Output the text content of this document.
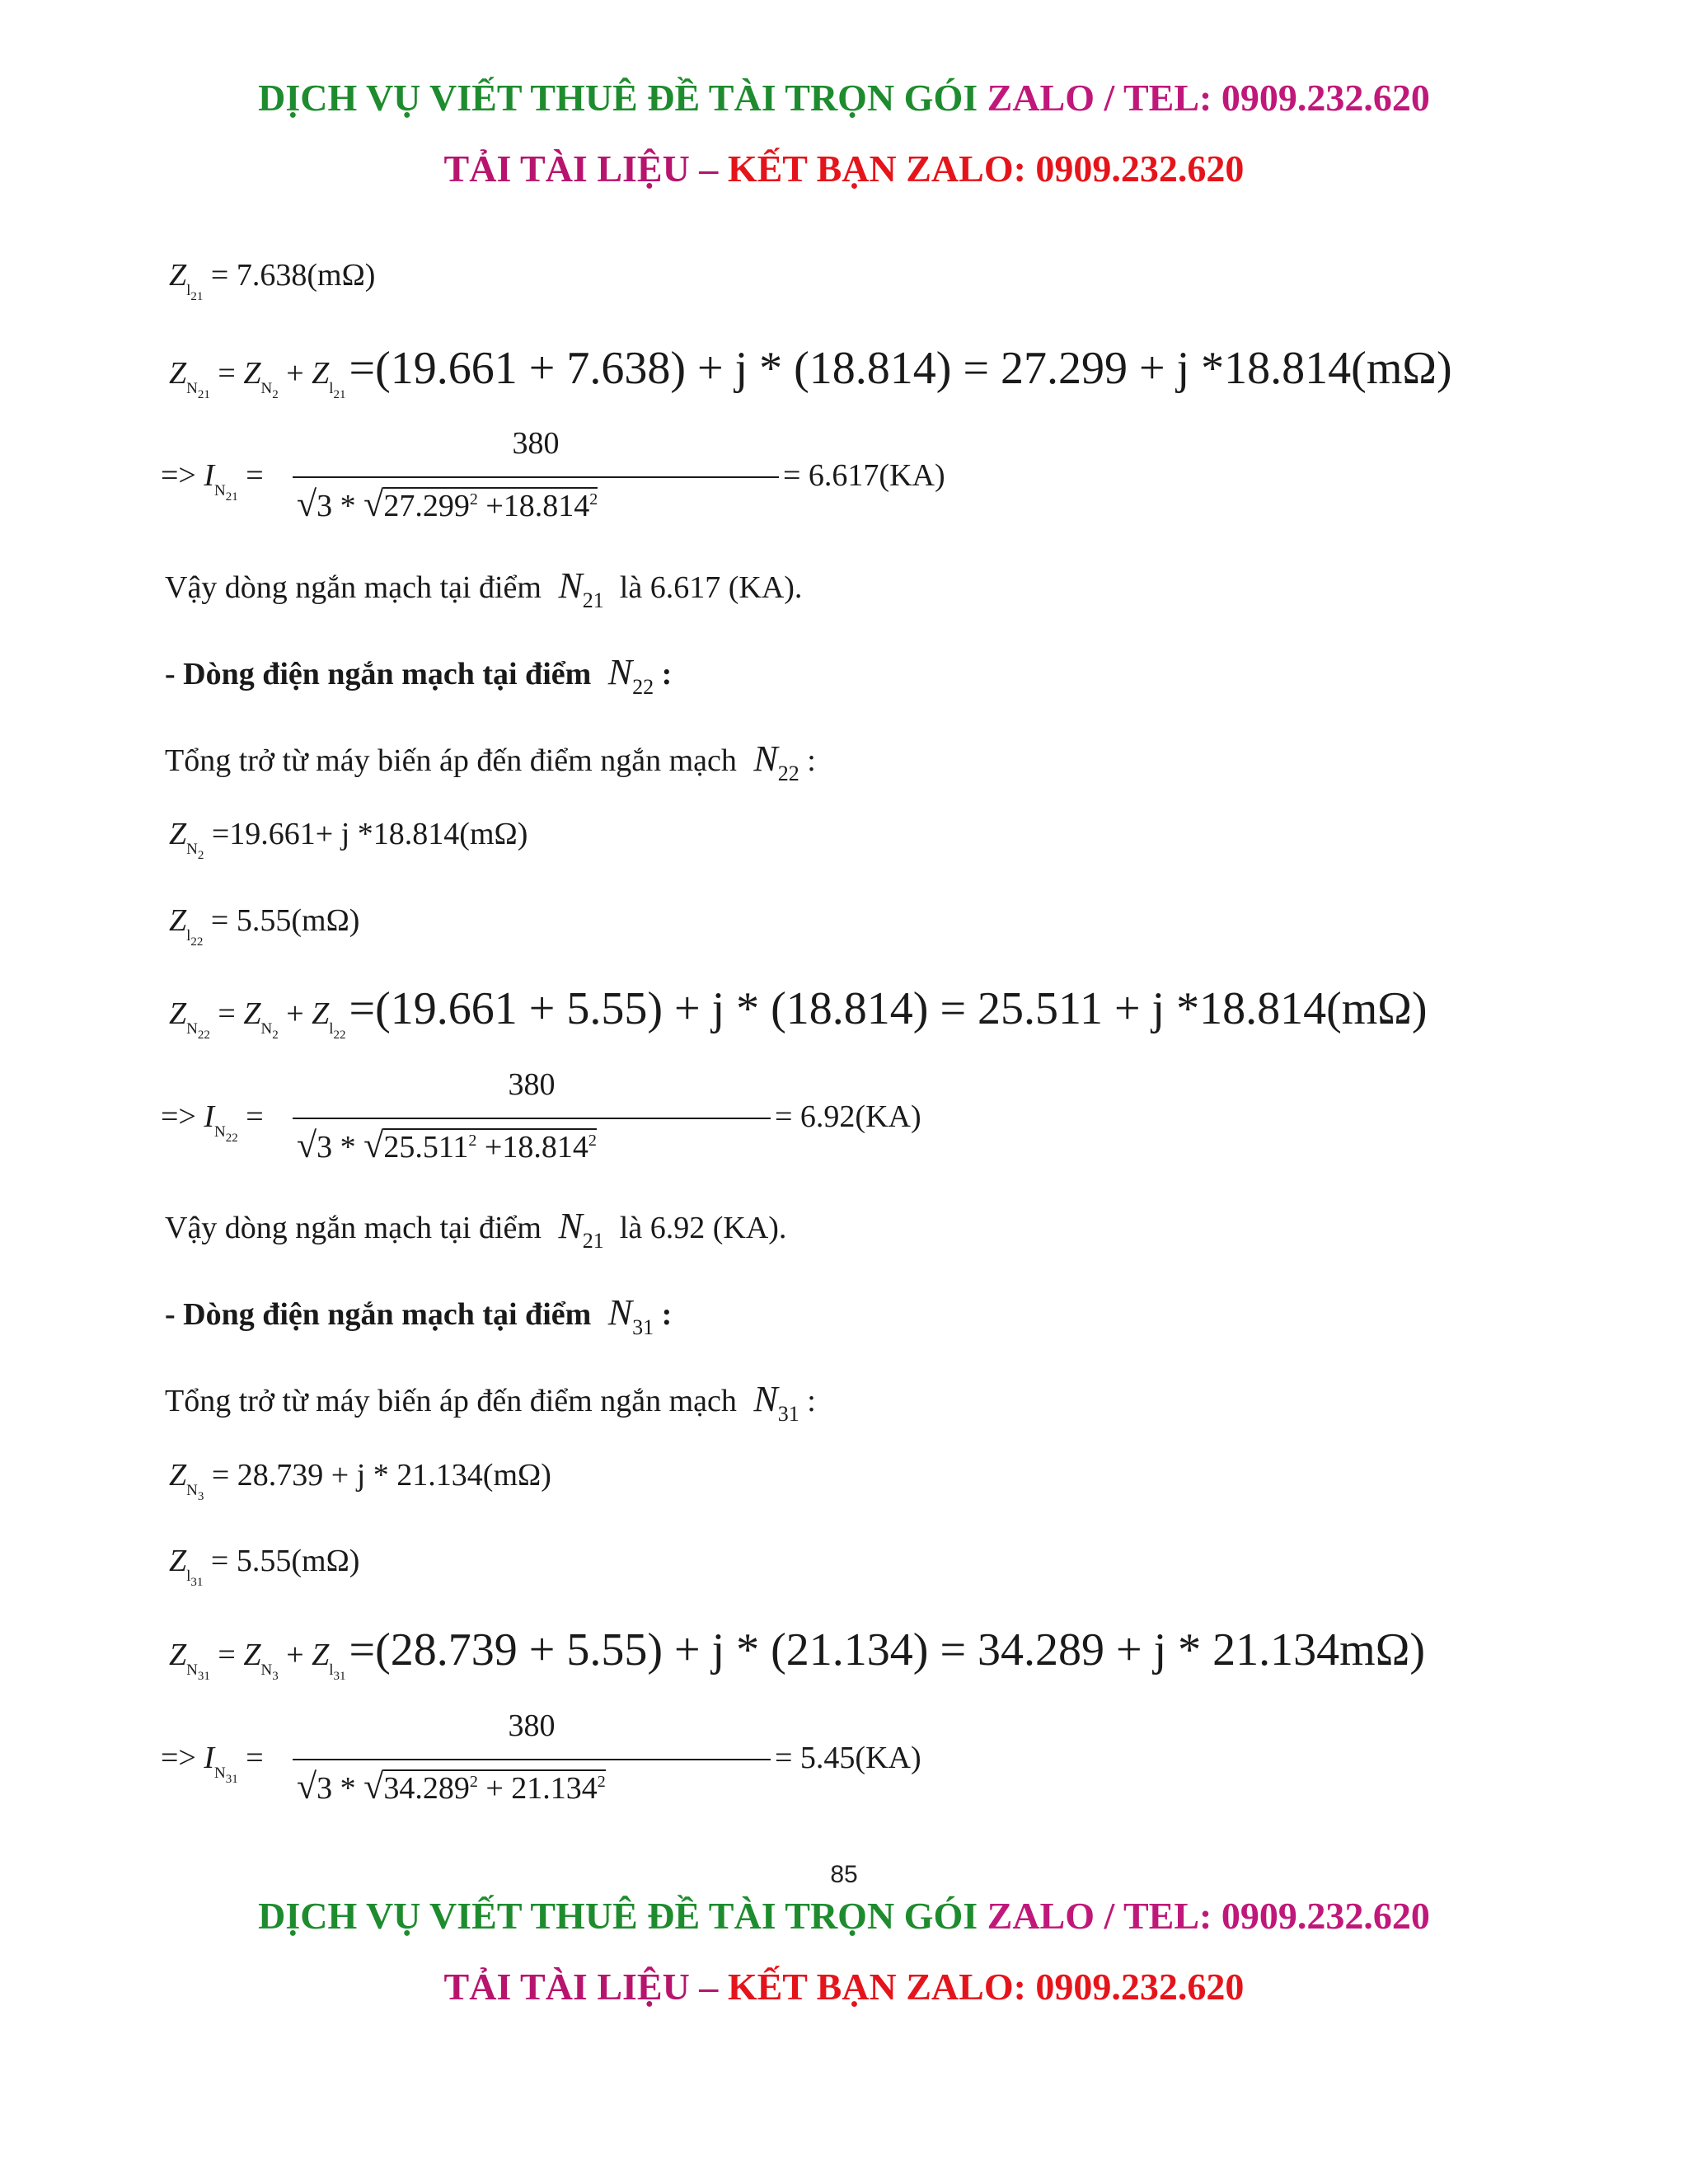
DỊCH VỤ VIẾT THUÊ ĐỀ TÀI TRỌN GÓI ZALO / TEL: 0909.232.620
TẢI TÀI LIỆU – KẾT BẠN ZALO: 0909.232.620
$Z_{l_{21}} = 7.638(m\Omega)$
$Z_{N_{21}} = Z_{N_2} + Z_{l_{21}} =(19.661 + 7.638) + j * (18.814) = 27.299 + j$ *18.814(mΩ)
=> $I_{N_{21}}$ =
380
$√3 * √27.299^2 +18.814^2$
= 6.617(KA)
Vậy dòng ngắn mạch tại điểm  $N_{21}$ là 6.617 (KA).
- Dòng điện ngắn mạch tại điểm  $N_{22}$ :
Tổng trở từ máy biến áp đến điểm ngắn mạch  $N_{22}$ :
$Z_{N_2} =19.661+ j$ *18.814(mΩ)
$Z_{l_{22}} = 5.55(m\Omega)$
$Z_{N_{22}} = Z_{N_2} + Z_{l_{22}} =(19.661 + 5.55) + j * (18.814) = 25.511 + j$ *18.814(mΩ)
=> $I_{N_{22}}$ =
380
$√3 * √25.511^2 +18.814^2$
= 6.92(KA)
Vậy dòng ngắn mạch tại điểm  $N_{21}$ là 6.92 (KA).
- Dòng điện ngắn mạch tại điểm  $N_{31}$ :
Tổng trở từ máy biến áp đến điểm ngắn mạch  $N_{31}$ :
$Z_{N_3} = 28.739 + j * 21.134(m\Omega)$
$Z_{l_{31}} = 5.55(m\Omega)$
$Z_{N_{31}} = Z_{N_3} + Z_{l_{31}} =(28.739 + 5.55) + j * (21.134) = 34.289 + j * 21.134m\Omega$)
=> $I_{N_{31}}$ =
380
$√3 * √34.289^2 + 21.134^2$
= 5.45(KA)
85
DỊCH VỤ VIẾT THUÊ ĐỀ TÀI TRỌN GÓI ZALO / TEL: 0909.232.620
TẢI TÀI LIỆU – KẾT BẠN ZALO: 0909.232.620
